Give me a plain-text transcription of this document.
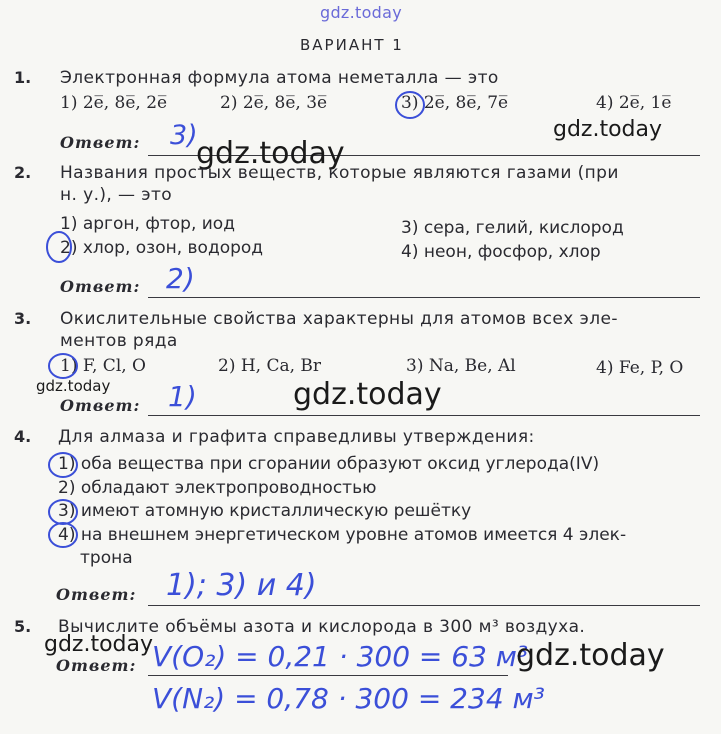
gdz.today
ВАРИАНТ 1
1. Электронная формула атома неметалла — это
1) 2e̅, 8e̅, 2e̅	2) 2e̅, 8e̅, 3e̅	3) 2e̅, 8e̅, 7e̅	4) 2e̅, 1e̅
gdz.today
Ответ: 3)
gdz.today
2. Названия простых веществ, которые являются газами (при
н. у.), — это
1) аргон, фтор, иод
2) хлор, озон, водород
3) сера, гелий, кислород
4) неон, фосфор, хлор
Ответ: 2)
3. Окислительные свойства характерны для атомов всех эле-
ментов ряда
1) F, Cl, O	2) H, Ca, Br	3) Na, Be, Al	4) Fe, P, O
gdz.today
Ответ: 1)	gdz.today
4. Для алмаза и графита справедливы утверждения:
1) оба вещества при сгорании образуют оксид углерода(IV)
2) обладают электропроводностью
3) имеют атомную кристаллическую решётку
4) на внешнем энергетическом уровне атомов имеется 4 элек-
трона
Ответ: 1); 3) и 4)
5. Вычислите объёмы азота и кислорода в 300 м³ воздуха.
gdz.today
Ответ: V(O₂) = 0,21 · 300 = 63 м³
V(N₂) = 0,78 · 300 = 234 м³
gdz.today
